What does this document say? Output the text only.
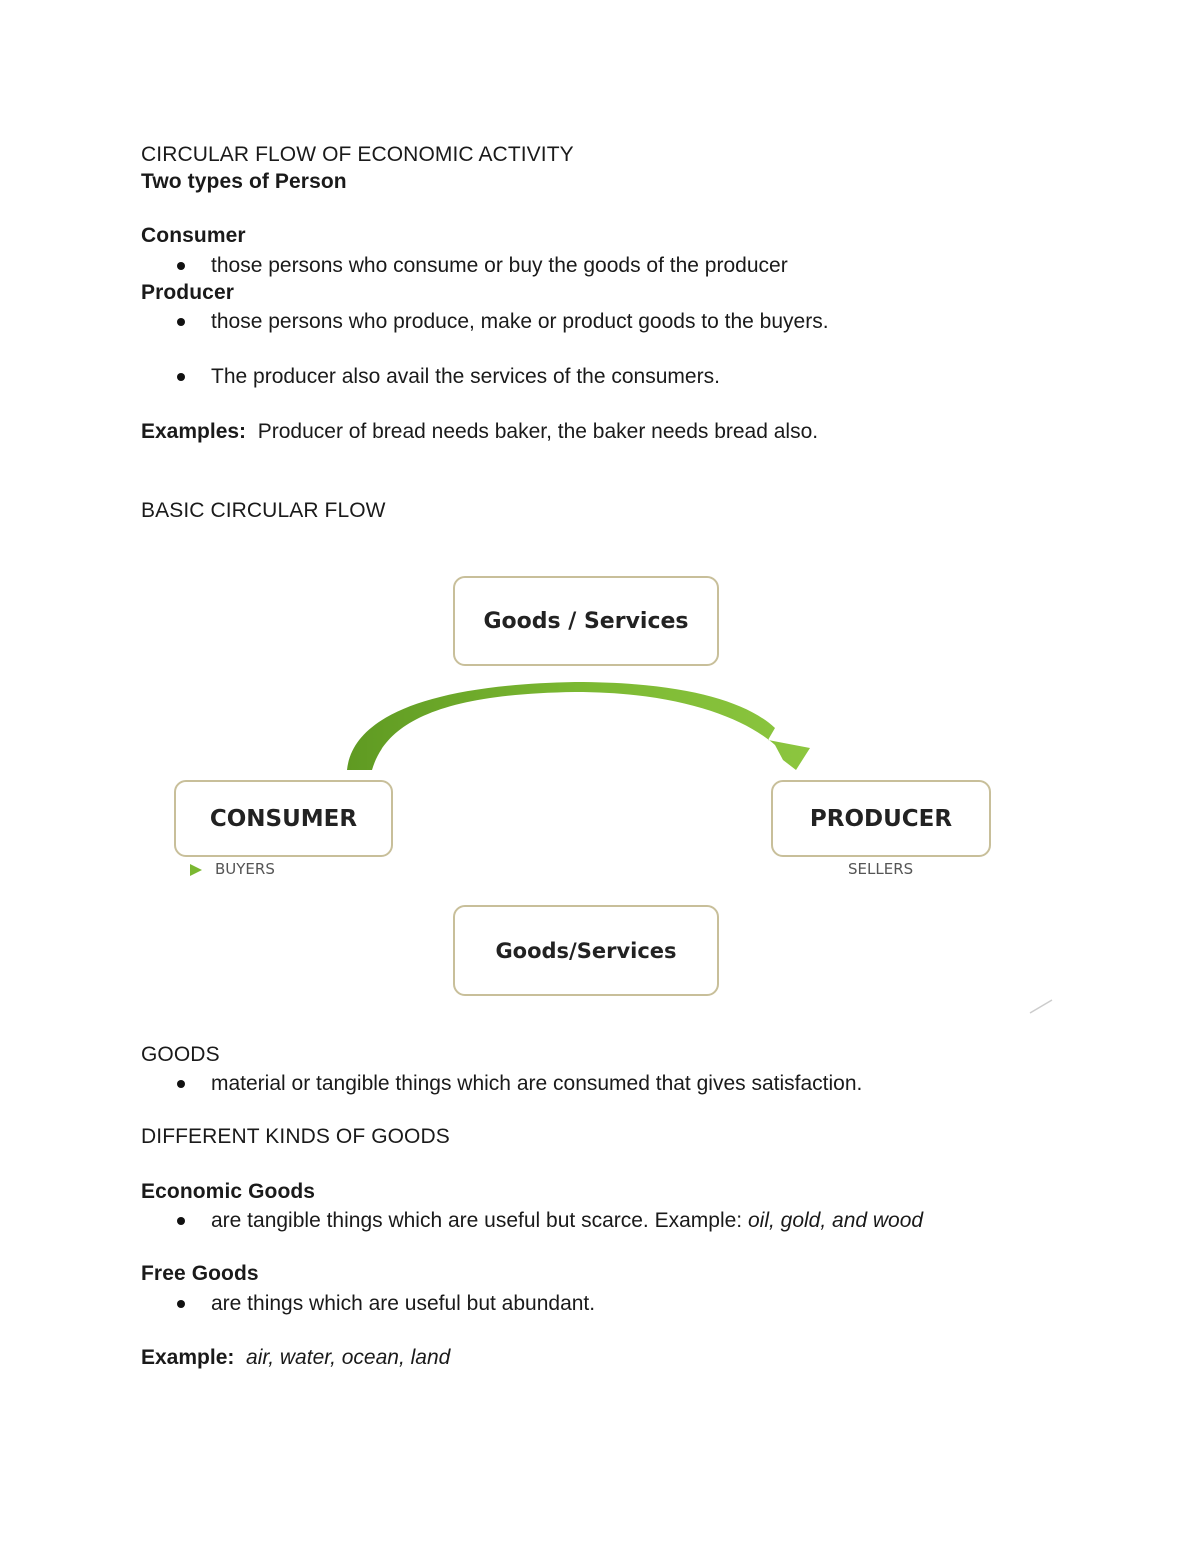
CIRCULAR FLOW OF ECONOMIC ACTIVITY
Two types of Person
Consumer
those persons who consume or buy the goods of the producer
Producer
those persons who produce, make or product goods to the buyers.
The producer also avail the services of the consumers.
Examples: Producer of bread needs baker, the baker needs bread also.
BASIC CIRCULAR FLOW
Goods / Services
CONSUMER	PRODUCER
BUYERS	SELLERS
Goods/Services
GOODS
material or tangible things which are consumed that gives satisfaction.
DIFFERENT KINDS OF GOODS
Economic Goods
are tangible things which are useful but scarce. Example: oil, gold, and wood
Free Goods
are things which are useful but abundant.
Example: air, water, ocean, land
